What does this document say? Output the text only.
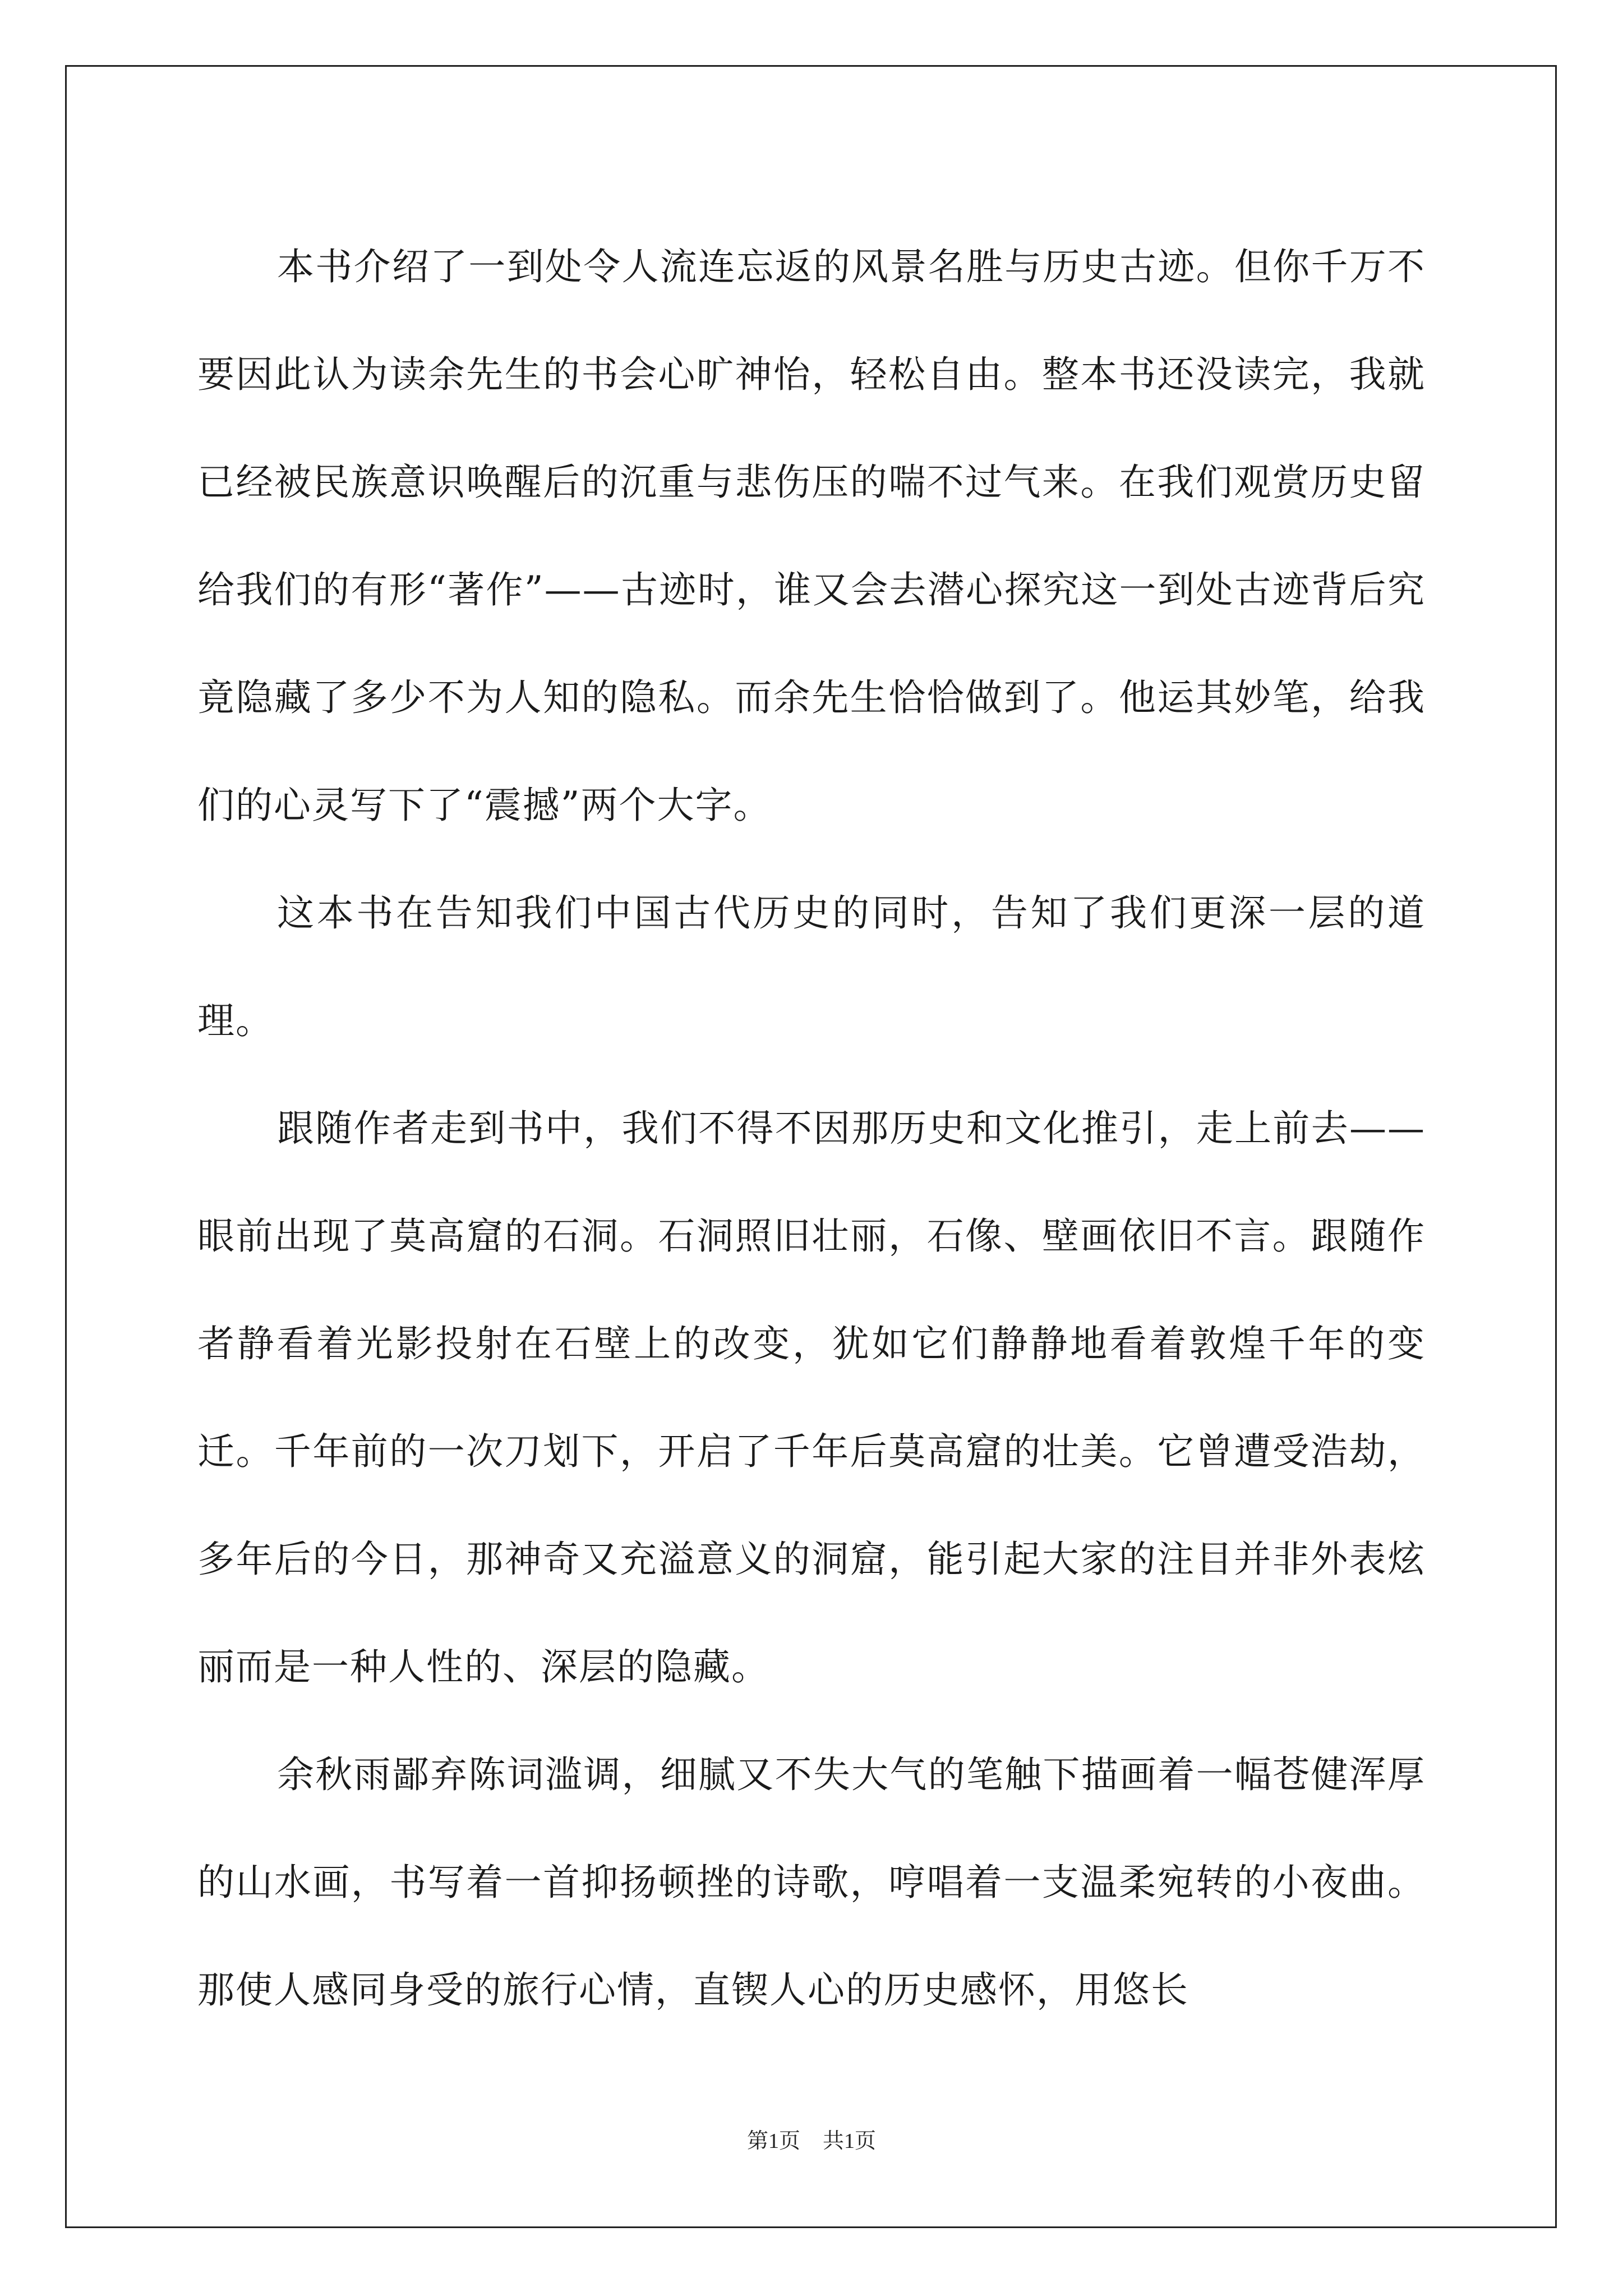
本书介绍了一到处令人流连忘返的风景名胜与历史古迹。但你千万不要因此认为读余先生的书会心旷神怡，轻松自由。整本书还没读完，我就已经被民族意识唤醒后的沉重与悲伤压的喘不过气来。在我们观赏历史留给我们的有形“著作”——古迹时，谁又会去潜心探究这一到处古迹背后究竟隐藏了多少不为人知的隐私。而余先生恰恰做到了。他运其妙笔，给我们的心灵写下了“震撼”两个大字。

这本书在告知我们中国古代历史的同时，告知了我们更深一层的道理。

跟随作者走到书中，我们不得不因那历史和文化推引，走上前去——眼前出现了莫高窟的石洞。石洞照旧壮丽，石像、壁画依旧不言。跟随作者静看着光影投射在石壁上的改变，犹如它们静静地看着敦煌千年的变迁。千年前的一次刀划下，开启了千年后莫高窟的壮美。它曾遭受浩劫，多年后的今日，那神奇又充溢意义的洞窟，能引起大家的注目并非外表炫丽而是一种人性的、深层的隐藏。

余秋雨鄙弃陈词滥调，细腻又不失大气的笔触下描画着一幅苍健浑厚的山水画，书写着一首抑扬顿挫的诗歌，哼唱着一支温柔宛转的小夜曲。那使人感同身受的旅行心情，直锲人心的历史感怀，用悠长

第1页 共1页
